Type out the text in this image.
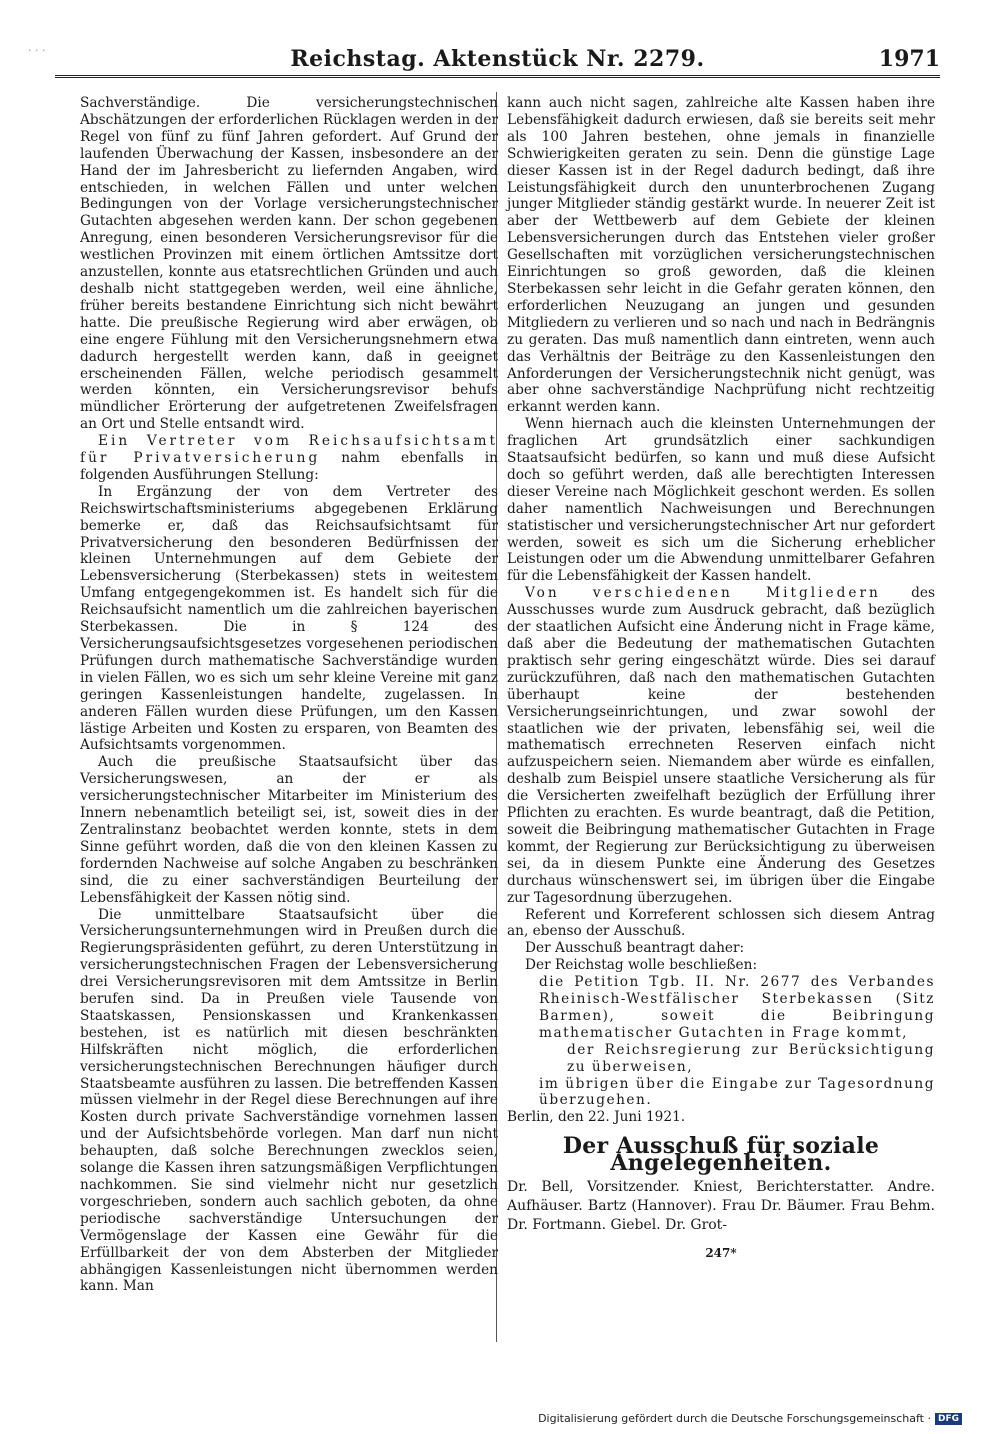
· · ·	Reichstag. Aktenstück Nr. 2279.	1971

Sachverständige. Die versicherungstechnischen Abschätzungen der erforderlichen Rücklagen werden in der Regel von fünf zu fünf Jahren gefordert. Auf Grund der laufenden Überwachung der Kassen, insbesondere an der Hand der im Jahresbericht zu liefernden Angaben, wird entschieden, in welchen Fällen und unter welchen Bedingungen von der Vorlage versicherungstechnischer Gutachten abgesehen werden kann. Der schon gegebenen Anregung, einen besonderen Versicherungsrevisor für die westlichen Provinzen mit einem örtlichen Amtssitze dort anzustellen, konnte aus etatsrechtlichen Gründen und auch deshalb nicht stattgegeben werden, weil eine ähnliche, früher bereits bestandene Einrichtung sich nicht bewährt hatte. Die preußische Regierung wird aber erwägen, ob eine engere Fühlung mit den Versicherungsnehmern etwa dadurch hergestellt werden kann, daß in geeignet erscheinenden Fällen, welche periodisch gesammelt werden könnten, ein Versicherungsrevisor behufs mündlicher Erörterung der aufgetretenen Zweifelsfragen an Ort und Stelle entsandt wird.

Ein Vertreter vom Reichsaufsichtsamt für Privatversicherung nahm ebenfalls in folgenden Ausführungen Stellung:

In Ergänzung der von dem Vertreter des Reichswirtschaftsministeriums abgegebenen Erklärung bemerke er, daß das Reichsaufsichtsamt für Privatversicherung den besonderen Bedürfnissen der kleinen Unternehmungen auf dem Gebiete der Lebensversicherung (Sterbekassen) stets in weitestem Umfang entgegengekommen ist. Es handelt sich für die Reichsaufsicht namentlich um die zahlreichen bayerischen Sterbekassen. Die in § 124 des Versicherungsaufsichtsgesetzes vorgesehenen periodischen Prüfungen durch mathematische Sachverständige wurden in vielen Fällen, wo es sich um sehr kleine Vereine mit ganz geringen Kassenleistungen handelte, zugelassen. In anderen Fällen wurden diese Prüfungen, um den Kassen lästige Arbeiten und Kosten zu ersparen, von Beamten des Aufsichtsamts vorgenommen.

Auch die preußische Staatsaufsicht über das Versicherungswesen, an der er als versicherungstechnischer Mitarbeiter im Ministerium des Innern nebenamtlich beteiligt sei, ist, soweit dies in der Zentralinstanz beobachtet werden konnte, stets in dem Sinne geführt worden, daß die von den kleinen Kassen zu fordernden Nachweise auf solche Angaben zu beschränken sind, die zu einer sachverständigen Beurteilung der Lebensfähigkeit der Kassen nötig sind.

Die unmittelbare Staatsaufsicht über die Versicherungsunternehmungen wird in Preußen durch die Regierungspräsidenten geführt, zu deren Unterstützung in versicherungstechnischen Fragen der Lebensversicherung drei Versicherungsrevisoren mit dem Amtssitze in Berlin berufen sind. Da in Preußen viele Tausende von Staatskassen, Pensionskassen und Krankenkassen bestehen, ist es natürlich mit diesen beschränkten Hilfskräften nicht möglich, die erforderlichen versicherungstechnischen Berechnungen häufiger durch Staatsbeamte ausführen zu lassen. Die betreffenden Kassen müssen vielmehr in der Regel diese Berechnungen auf ihre Kosten durch private Sachverständige vornehmen lassen und der Aufsichtsbehörde vorlegen. Man darf nun nicht behaupten, daß solche Berechnungen zwecklos seien, solange die Kassen ihren satzungsmäßigen Verpflichtungen nachkommen. Sie sind vielmehr nicht nur gesetzlich vorgeschrieben, sondern auch sachlich geboten, da ohne periodische sachverständige Untersuchungen der Vermögenslage der Kassen eine Gewähr für die Erfüllbarkeit der von dem Absterben der Mitglieder abhängigen Kassenleistungen nicht übernommen werden kann. Man

kann auch nicht sagen, zahlreiche alte Kassen haben ihre Lebensfähigkeit dadurch erwiesen, daß sie bereits seit mehr als 100 Jahren bestehen, ohne jemals in finanzielle Schwierigkeiten geraten zu sein. Denn die günstige Lage dieser Kassen ist in der Regel dadurch bedingt, daß ihre Leistungsfähigkeit durch den ununterbrochenen Zugang junger Mitglieder ständig gestärkt wurde. In neuerer Zeit ist aber der Wettbewerb auf dem Gebiete der kleinen Lebensversicherungen durch das Entstehen vieler großer Gesellschaften mit vorzüglichen versicherungstechnischen Einrichtungen so groß geworden, daß die kleinen Sterbekassen sehr leicht in die Gefahr geraten können, den erforderlichen Neuzugang an jungen und gesunden Mitgliedern zu verlieren und so nach und nach in Bedrängnis zu geraten. Das muß namentlich dann eintreten, wenn auch das Verhältnis der Beiträge zu den Kassenleistungen den Anforderungen der Versicherungstechnik nicht genügt, was aber ohne sachverständige Nachprüfung nicht rechtzeitig erkannt werden kann.

Wenn hiernach auch die kleinsten Unternehmungen der fraglichen Art grundsätzlich einer sachkundigen Staatsaufsicht bedürfen, so kann und muß diese Aufsicht doch so geführt werden, daß alle berechtigten Interessen dieser Vereine nach Möglichkeit geschont werden. Es sollen daher namentlich Nachweisungen und Berechnungen statistischer und versicherungstechnischer Art nur gefordert werden, soweit es sich um die Sicherung erheblicher Leistungen oder um die Abwendung unmittelbarer Gefahren für die Lebensfähigkeit der Kassen handelt.

Von verschiedenen Mitgliedern des Ausschusses wurde zum Ausdruck gebracht, daß bezüglich der staatlichen Aufsicht eine Änderung nicht in Frage käme, daß aber die Bedeutung der mathematischen Gutachten praktisch sehr gering eingeschätzt würde. Dies sei darauf zurückzuführen, daß nach den mathematischen Gutachten überhaupt keine der bestehenden Versicherungseinrichtungen, und zwar sowohl der staatlichen wie der privaten, lebensfähig sei, weil die mathematisch errechneten Reserven einfach nicht aufzuspeichern seien. Niemandem aber würde es einfallen, deshalb zum Beispiel unsere staatliche Versicherung als für die Versicherten zweifelhaft bezüglich der Erfüllung ihrer Pflichten zu erachten. Es wurde beantragt, daß die Petition, soweit die Beibringung mathematischer Gutachten in Frage kommt, der Regierung zur Berücksichtigung zu überweisen sei, da in diesem Punkte eine Änderung des Gesetzes durchaus wünschenswert sei, im übrigen über die Eingabe zur Tagesordnung überzugehen.

Referent und Korreferent schlossen sich diesem Antrag an, ebenso der Ausschuß.

Der Ausschuß beantragt daher:

Der Reichstag wolle beschließen:

die Petition Tgb. II. Nr. 2677 des Verbandes Rheinisch-Westfälischer Sterbekassen (Sitz Barmen), soweit die Beibringung mathematischer Gutachten in Frage kommt,

der Reichsregierung zur Berücksichtigung zu überweisen,

im übrigen über die Eingabe zur Tagesordnung überzugehen.

Berlin, den 22. Juni 1921.

Der Ausschuß für soziale Angelegenheiten.
Dr. Bell, Vorsitzender. Kniest, Berichterstatter. Andre. Aufhäuser. Bartz (Hannover). Frau Dr. Bäumer. Frau Behm. Dr. Fortmann. Giebel. Dr. Grot-
247*
Digitalisierung gefördert durch die Deutsche Forschungsgemeinschaft · DFG
